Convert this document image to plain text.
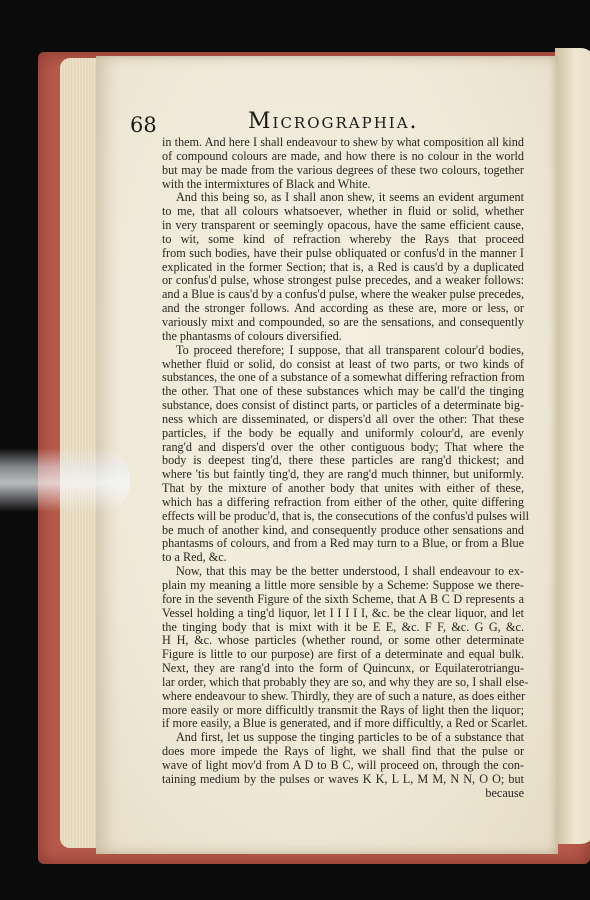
68	Micrographia.
in them. And here I shall endeavour to shew by what composition all kind
of compound colours are made, and how there is no colour in the world
but may be made from the various degrees of these two colours, together
with the intermixtures of Black and White.
And this being so, as I shall anon shew, it seems an evident argument
to me, that all colours whatsoever, whether in fluid or solid, whether
in very transparent or seemingly opacous, have the same efficient cause,
to wit, some kind of refraction whereby the Rays that proceed
from such bodies, have their pulse obliquated or confus'd in the manner I
explicated in the former Section; that is, a Red is caus'd by a duplicated
or confus'd pulse, whose strongest pulse precedes, and a weaker follows:
and a Blue is caus'd by a confus'd pulse, where the weaker pulse precedes,
and the stronger follows. And according as these are, more or less, or
variously mixt and compounded, so are the sensations, and consequently
the phantasms of colours diversified.
To proceed therefore; I suppose, that all transparent colour'd bodies,
whether fluid or solid, do consist at least of two parts, or two kinds of
substances, the one of a substance of a somewhat differing refraction from
the other. That one of these substances which may be call'd the tinging
substance, does consist of distinct parts, or particles of a determinate big-
ness which are disseminated, or dispers'd all over the other: That these
particles, if the body be equally and uniformly colour'd, are evenly
rang'd and dispers'd over the other contiguous body; That where the
body is deepest ting'd, there these particles are rang'd thickest; and
where 'tis but faintly ting'd, they are rang'd much thinner, but uniformly.
That by the mixture of another body that unites with either of these,
which has a differing refraction from either of the other, quite differing
effects will be produc'd, that is, the consecutions of the confus'd pulses will
be much of another kind, and consequently produce other sensations and
phantasms of colours, and from a Red may turn to a Blue, or from a Blue
to a Red, &c.
Now, that this may be the better understood, I shall endeavour to ex-
plain my meaning a little more sensible by a Scheme: Suppose we there-
fore in the seventh Figure of the sixth Scheme, that A B C D represents a
Vessel holding a ting'd liquor, let I I I I I, &c. be the clear liquor, and let
the tinging body that is mixt with it be E E, &c. F F, &c. G G, &c.
H H, &c. whose particles (whether round, or some other determinate
Figure is little to our purpose) are first of a determinate and equal bulk.
Next, they are rang'd into the form of Quincunx, or Equilaterotriangu-
lar order, which that probably they are so, and why they are so, I shall else-
where endeavour to shew. Thirdly, they are of such a nature, as does either
more easily or more difficultly transmit the Rays of light then the liquor;
if more easily, a Blue is generated, and if more difficultly, a Red or Scarlet.
And first, let us suppose the tinging particles to be of a substance that
does more impede the Rays of light, we shall find that the pulse or
wave of light mov'd from A D to B C, will proceed on, through the con-
taining medium by the pulses or waves K K, L L, M M, N N, O O; but
because
